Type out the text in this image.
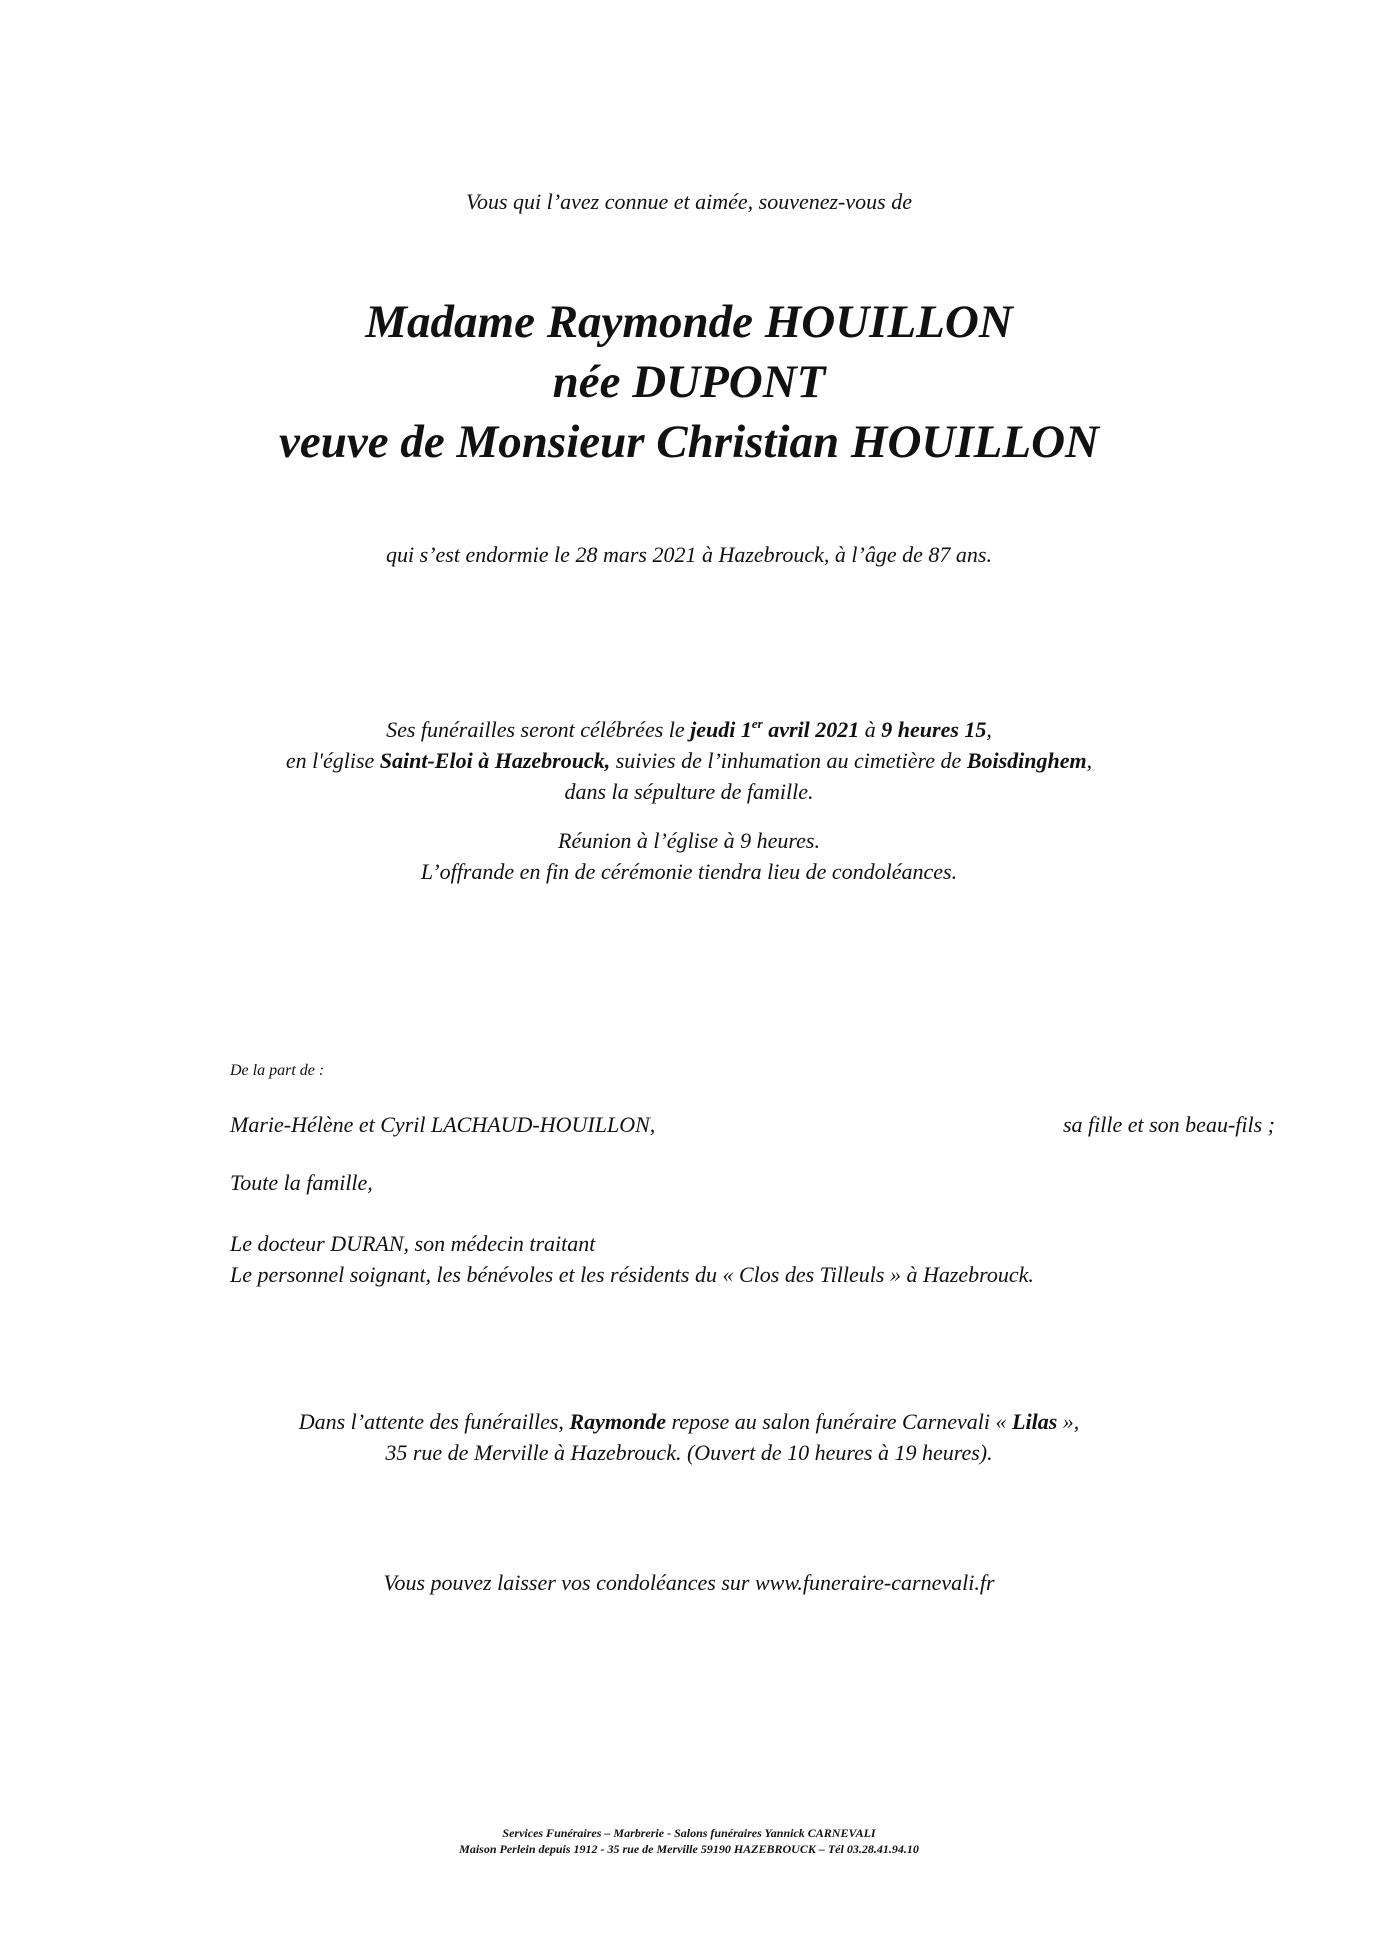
Vous qui l’avez connue et aimée, souvenez-vous de
Madame Raymonde HOUILLON
née DUPONT
veuve de Monsieur Christian HOUILLON
qui s’est endormie le 28 mars 2021 à Hazebrouck, à l’âge de 87 ans.
Ses funérailles seront célébrées le jeudi 1er avril 2021 à 9 heures 15,
en l'église Saint-Eloi à Hazebrouck, suivies de l’inhumation au cimetière de Boisdinghem,
dans la sépulture de famille.
Réunion à l’église à 9 heures.
L’offrande en fin de cérémonie tiendra lieu de condoléances.
De la part de :
Marie-Hélène et Cyril LACHAUD-HOUILLON,	sa fille et son beau-fils ;
Toute la famille,
Le docteur DURAN, son médecin traitant
Le personnel soignant, les bénévoles et les résidents du « Clos des Tilleuls » à Hazebrouck.
Dans l’attente des funérailles, Raymonde repose au salon funéraire Carnevali « Lilas »,
35 rue de Merville à Hazebrouck. (Ouvert de 10 heures à 19 heures).
Vous pouvez laisser vos condoléances sur www.funeraire-carnevali.fr
Services Funéraires – Marbrerie - Salons funéraires Yannick CARNEVALI
Maison Perlein depuis 1912 - 35 rue de Merville 59190 HAZEBROUCK – Tél 03.28.41.94.10
